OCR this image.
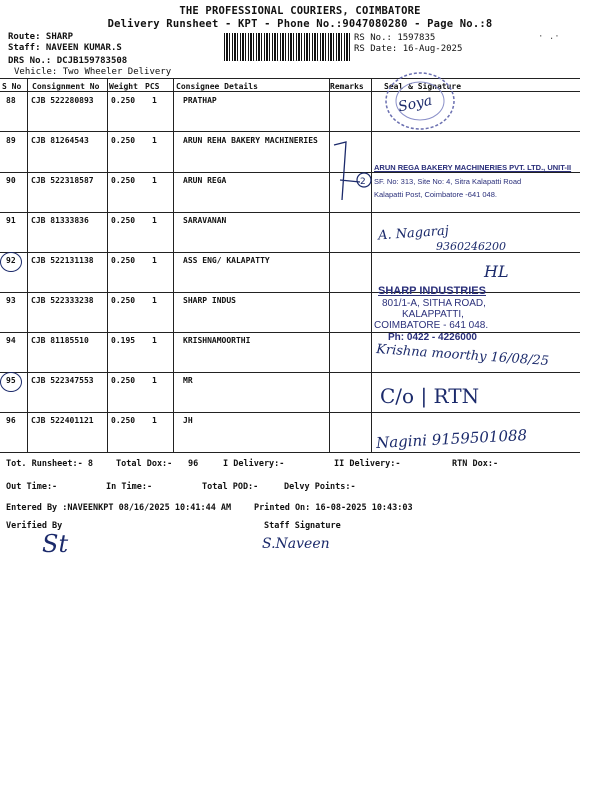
THE PROFESSIONAL COURIERS, COIMBATORE
Delivery Runsheet - KPT - Phone No.:9047080280 - Page No.:8
Route: SHARP
Staff: NAVEEN KUMAR.S
DRS No.: DCJB159783508
Vehicle: Two Wheeler Delivery
RS No.: 1597835
RS Date: 16-Aug-2025
· .·
S No Consignment No Weight PCS Consignee Details	Remarks	Seal & Signature
88 CJB 522280893 0.250 1	PRATHAP
89 CJB 81264543	0.250 1	ARUN REHA BAKERY MACHINERIES
90 CJB 522318587 0.250 1	ARUN REGA
91 CJB 81333836	0.250 1	SARAVANAN
92 CJB 522131138 0.250 1	ASS ENG/ KALAPATTY
93 CJB 522333238 0.250 1	SHARP INDUS
94 CJB 81185510	0.195 1	KRISHNAMOORTHI
95 CJB 522347553 0.250 1	MR
96 CJB 522401121 0.250 1	JH
2
Soya
ARUN REGA BAKERY MACHINERIES PVT. LTD., UNIT-II
SF. No: 313, Site No: 4, Sitra Kalapatti Road
Kalapatti Post, Coimbatore -641 048.
A. Nagaraj
9360246200
HL
SHARP INDUSTRIES
801/1-A, SITHA ROAD,
KALAPPATTI,
COIMBATORE - 641 048.
Ph: 0422 - 4226000
Krishna moorthy 16/08/25
C/o | RTN
Nagini 9159501088
Tot. Runsheet:- 8	Total Dox:- 96	I Delivery:-	II Delivery:-	RTN Dox:-
Out Time:-	In Time:-	Total POD:-	Delvy Points:-
Entered By :NAVEENKPT 08/16/2025 10:41:44 AM	Printed On: 16-08-2025 10:43:03
Verified By	Staff Signature
St	S.Naveen
